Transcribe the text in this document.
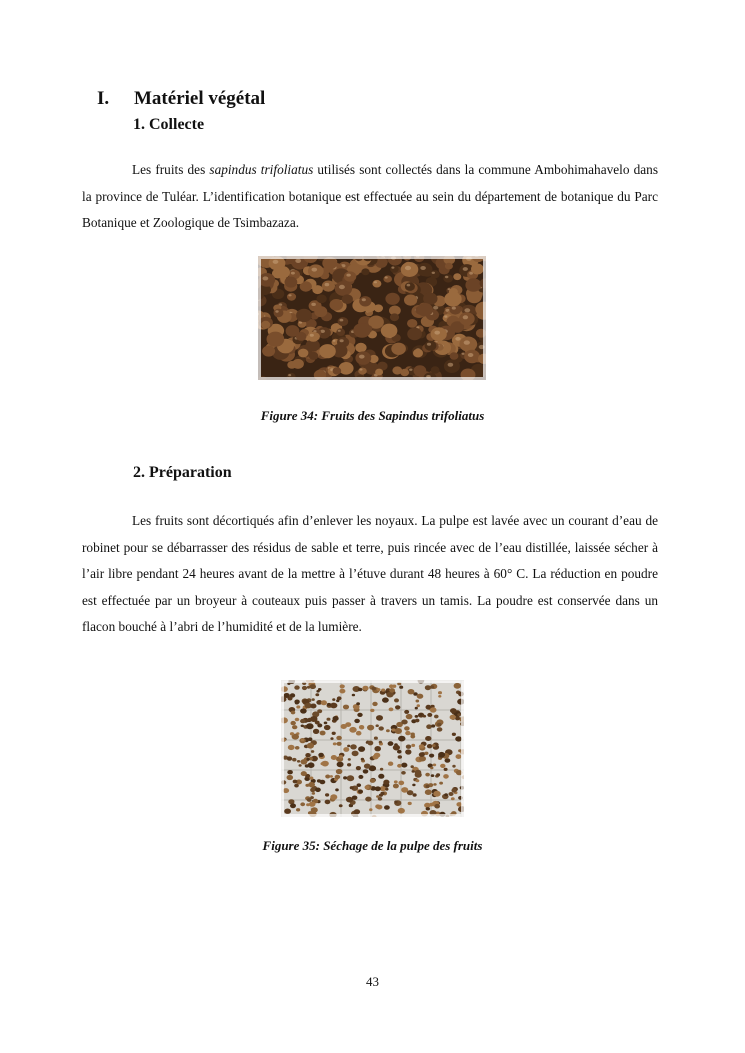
I. Matériel végétal
1. Collecte
Les fruits des sapindus trifoliatus utilisés sont collectés dans la commune Ambohimahavelo dans la province de Tuléar. L’identification botanique est effectuée au sein du département de botanique du Parc Botanique et Zoologique de Tsimbazaza.
Figure 34: Fruits des Sapindus trifoliatus
2. Préparation
Les fruits sont décortiqués afin d’enlever les noyaux. La pulpe est lavée avec un courant d’eau de robinet pour se débarrasser des résidus de sable et terre, puis rincée avec de l’eau distillée, laissée sécher à l’air libre pendant 24 heures avant de la mettre à l’étuve durant 48 heures à 60° C. La réduction en poudre est effectuée par un broyeur à couteaux puis passer à travers un tamis. La poudre est conservée dans un flacon bouché à l’abri de l’humidité et de la lumière.
Figure 35: Séchage de la pulpe des fruits
43
